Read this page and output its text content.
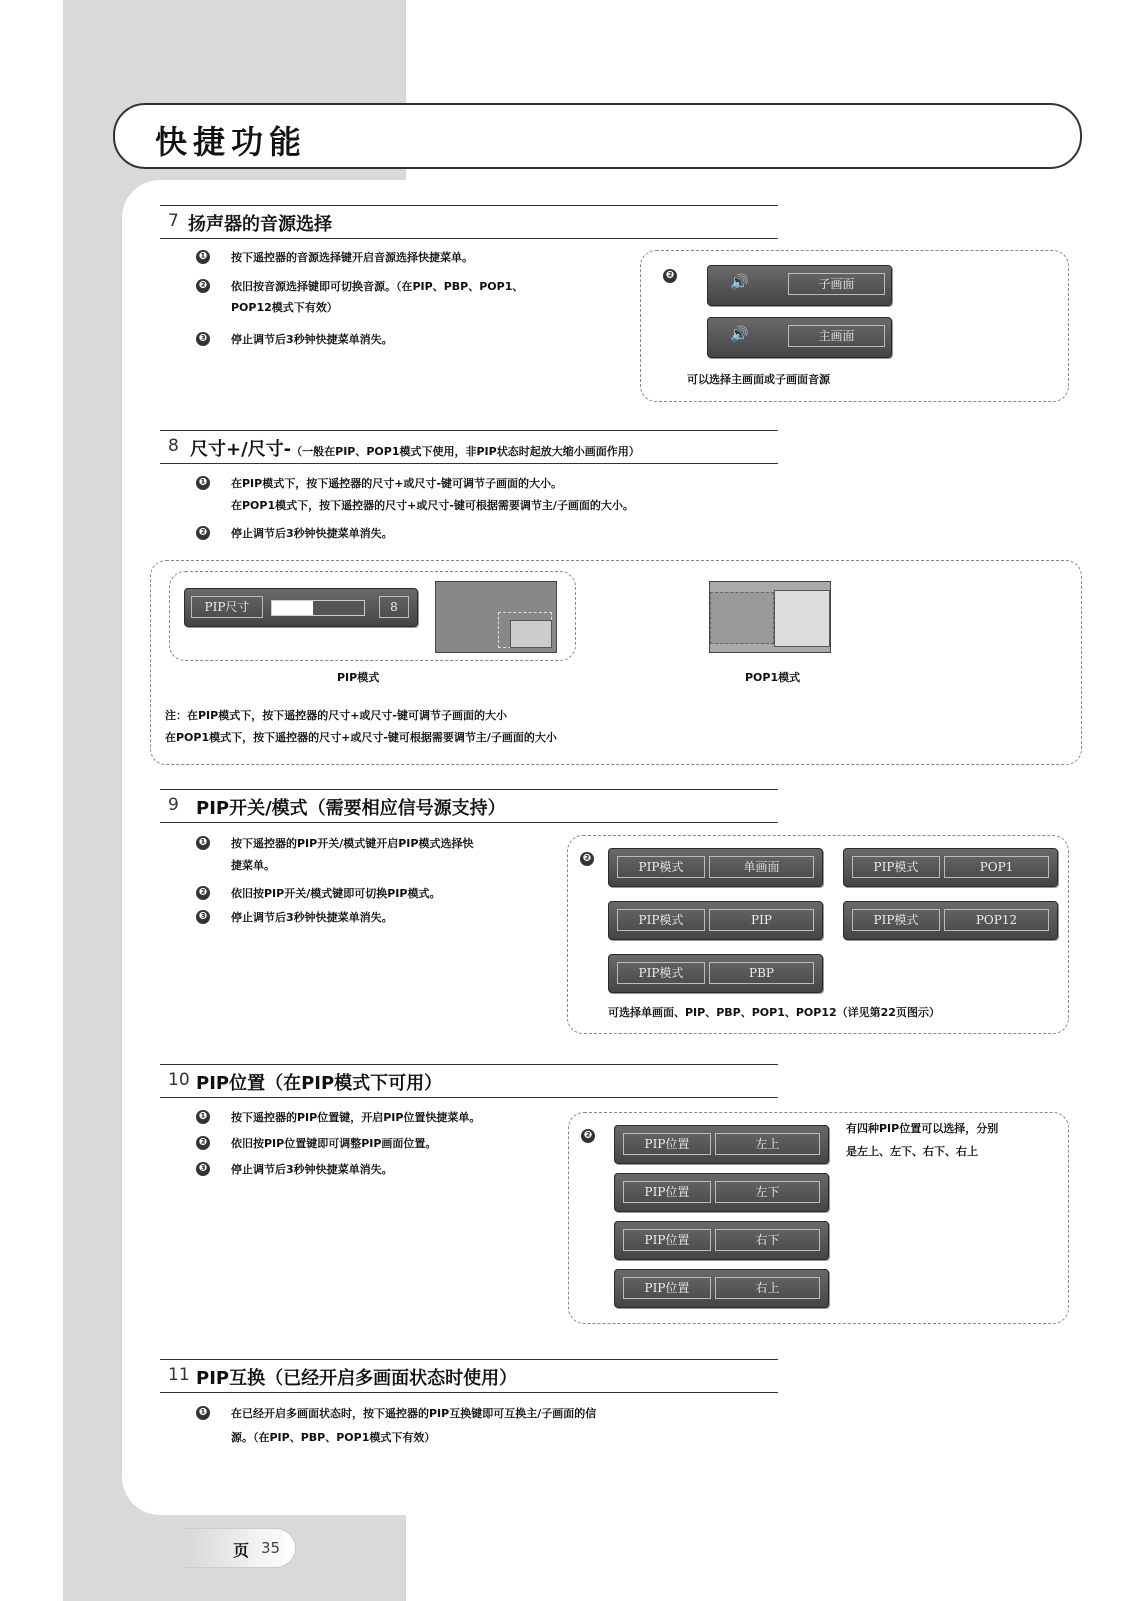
快捷功能
7 扬声器的音源选择
❶ 按下遥控器的音源选择键开启音源选择快捷菜单。
❷ 依旧按音源选择键即可切换音源。（在PIP、PBP、POP1、
POP12模式下有效）
❸ 停止调节后3秒钟快捷菜单消失。
❷	🔊	子画面
🔊	主画面
可以选择主画面或子画面音源
8 尺寸+/尺寸-（一般在PIP、POP1模式下使用，非PIP状态时起放大缩小画面作用）
❶ 在PIP模式下，按下遥控器的尺寸+或尺寸-键可调节子画面的大小。
在POP1模式下，按下遥控器的尺寸+或尺寸-键可根据需要调节主/子画面的大小。
❷ 停止调节后3秒钟快捷菜单消失。
PIP尺寸	8
PIP模式	POP1模式
注：在PIP模式下，按下遥控器的尺寸+或尺寸-键可调节子画面的大小
在POP1模式下，按下遥控器的尺寸+或尺寸-键可根据需要调节主/子画面的大小
9 PIP开关/模式（需要相应信号源支持）
❶ 按下遥控器的PIP开关/模式键开启PIP模式选择快
捷菜单。
❷ 依旧按PIP开关/模式键即可切换PIP模式。
❸ 停止调节后3秒钟快捷菜单消失。
❷
PIP模式	单画面	PIP模式	POP1
PIP模式	PIP	PIP模式	POP12
PIP模式	PBP
可选择单画面、PIP、PBP、POP1、POP12（详见第22页图示）
10 PIP位置（在PIP模式下可用）
❶ 按下遥控器的PIP位置键，开启PIP位置快捷菜单。
❷ 依旧按PIP位置键即可调整PIP画面位置。
❸ 停止调节后3秒钟快捷菜单消失。
❷
PIP位置	左上
PIP位置	左下
PIP位置	右下
PIP位置	右上
有四种PIP位置可以选择，分别
是左上、左下、右下、右上
11 PIP互换（已经开启多画面状态时使用）
❶ 在已经开启多画面状态时，按下遥控器的PIP互换键即可互换主/子画面的信
源。（在PIP、PBP、POP1模式下有效）
页 35
